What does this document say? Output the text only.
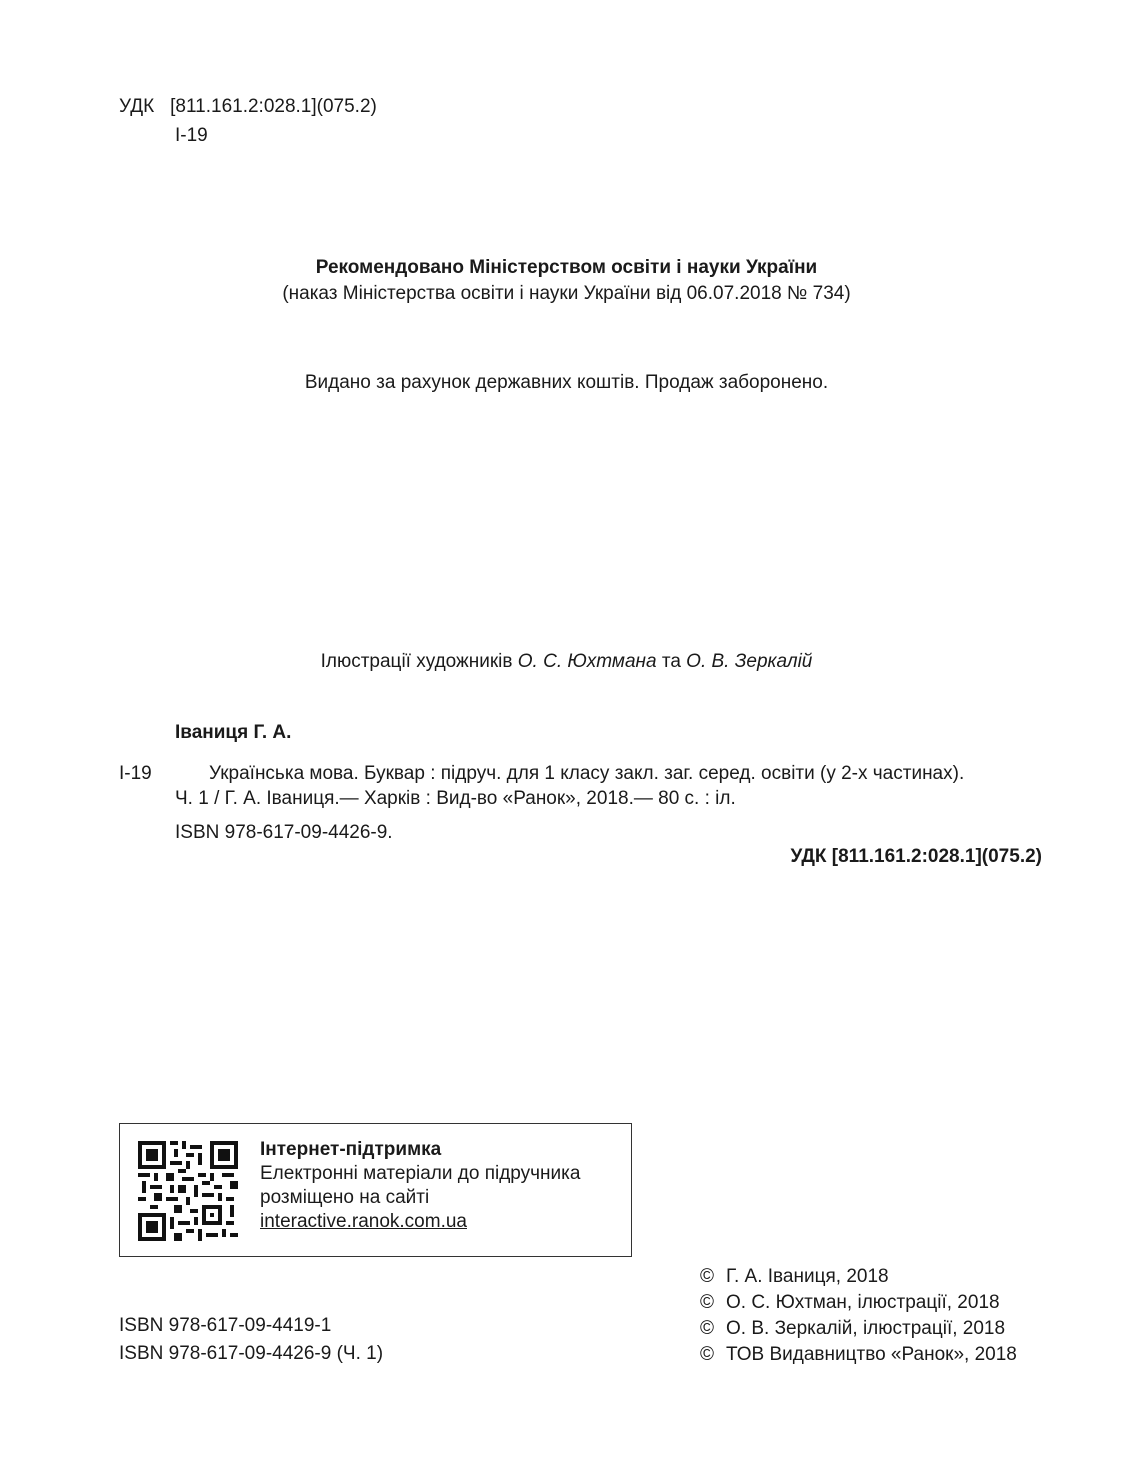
УДК [811.161.2:028.1](075.2)
І-19
Рекомендовано Міністерством освіти і науки України
(наказ Міністерства освіти і науки України від 06.07.2018 № 734)
Видано за рахунок державних коштів. Продаж заборонено.
Ілюстрації художників О. С. Юхтмана та О. В. Зеркалій
Іваниця Г. А.
І-19	Українська мова. Буквар : підруч. для 1 класу закл. заг. серед. освіти (у 2-х частинах).
Ч. 1 / Г. А. Іваниця.— Харків : Вид-во «Ранок», 2018.— 80 с. : іл.
ISBN 978-617-09-4426-9.
УДК [811.161.2:028.1](075.2)
Інтернет-підтримка
Електронні матеріали до підручника
розміщено на сайті
interactive.ranok.com.ua
ISBN 978-617-09-4419-1
ISBN 978-617-09-4426-9 (Ч. 1)
© Г. А. Іваниця, 2018
© О. С. Юхтман, ілюстрації, 2018
© О. В. Зеркалій, ілюстрації, 2018
© ТОВ Видавництво «Ранок», 2018
